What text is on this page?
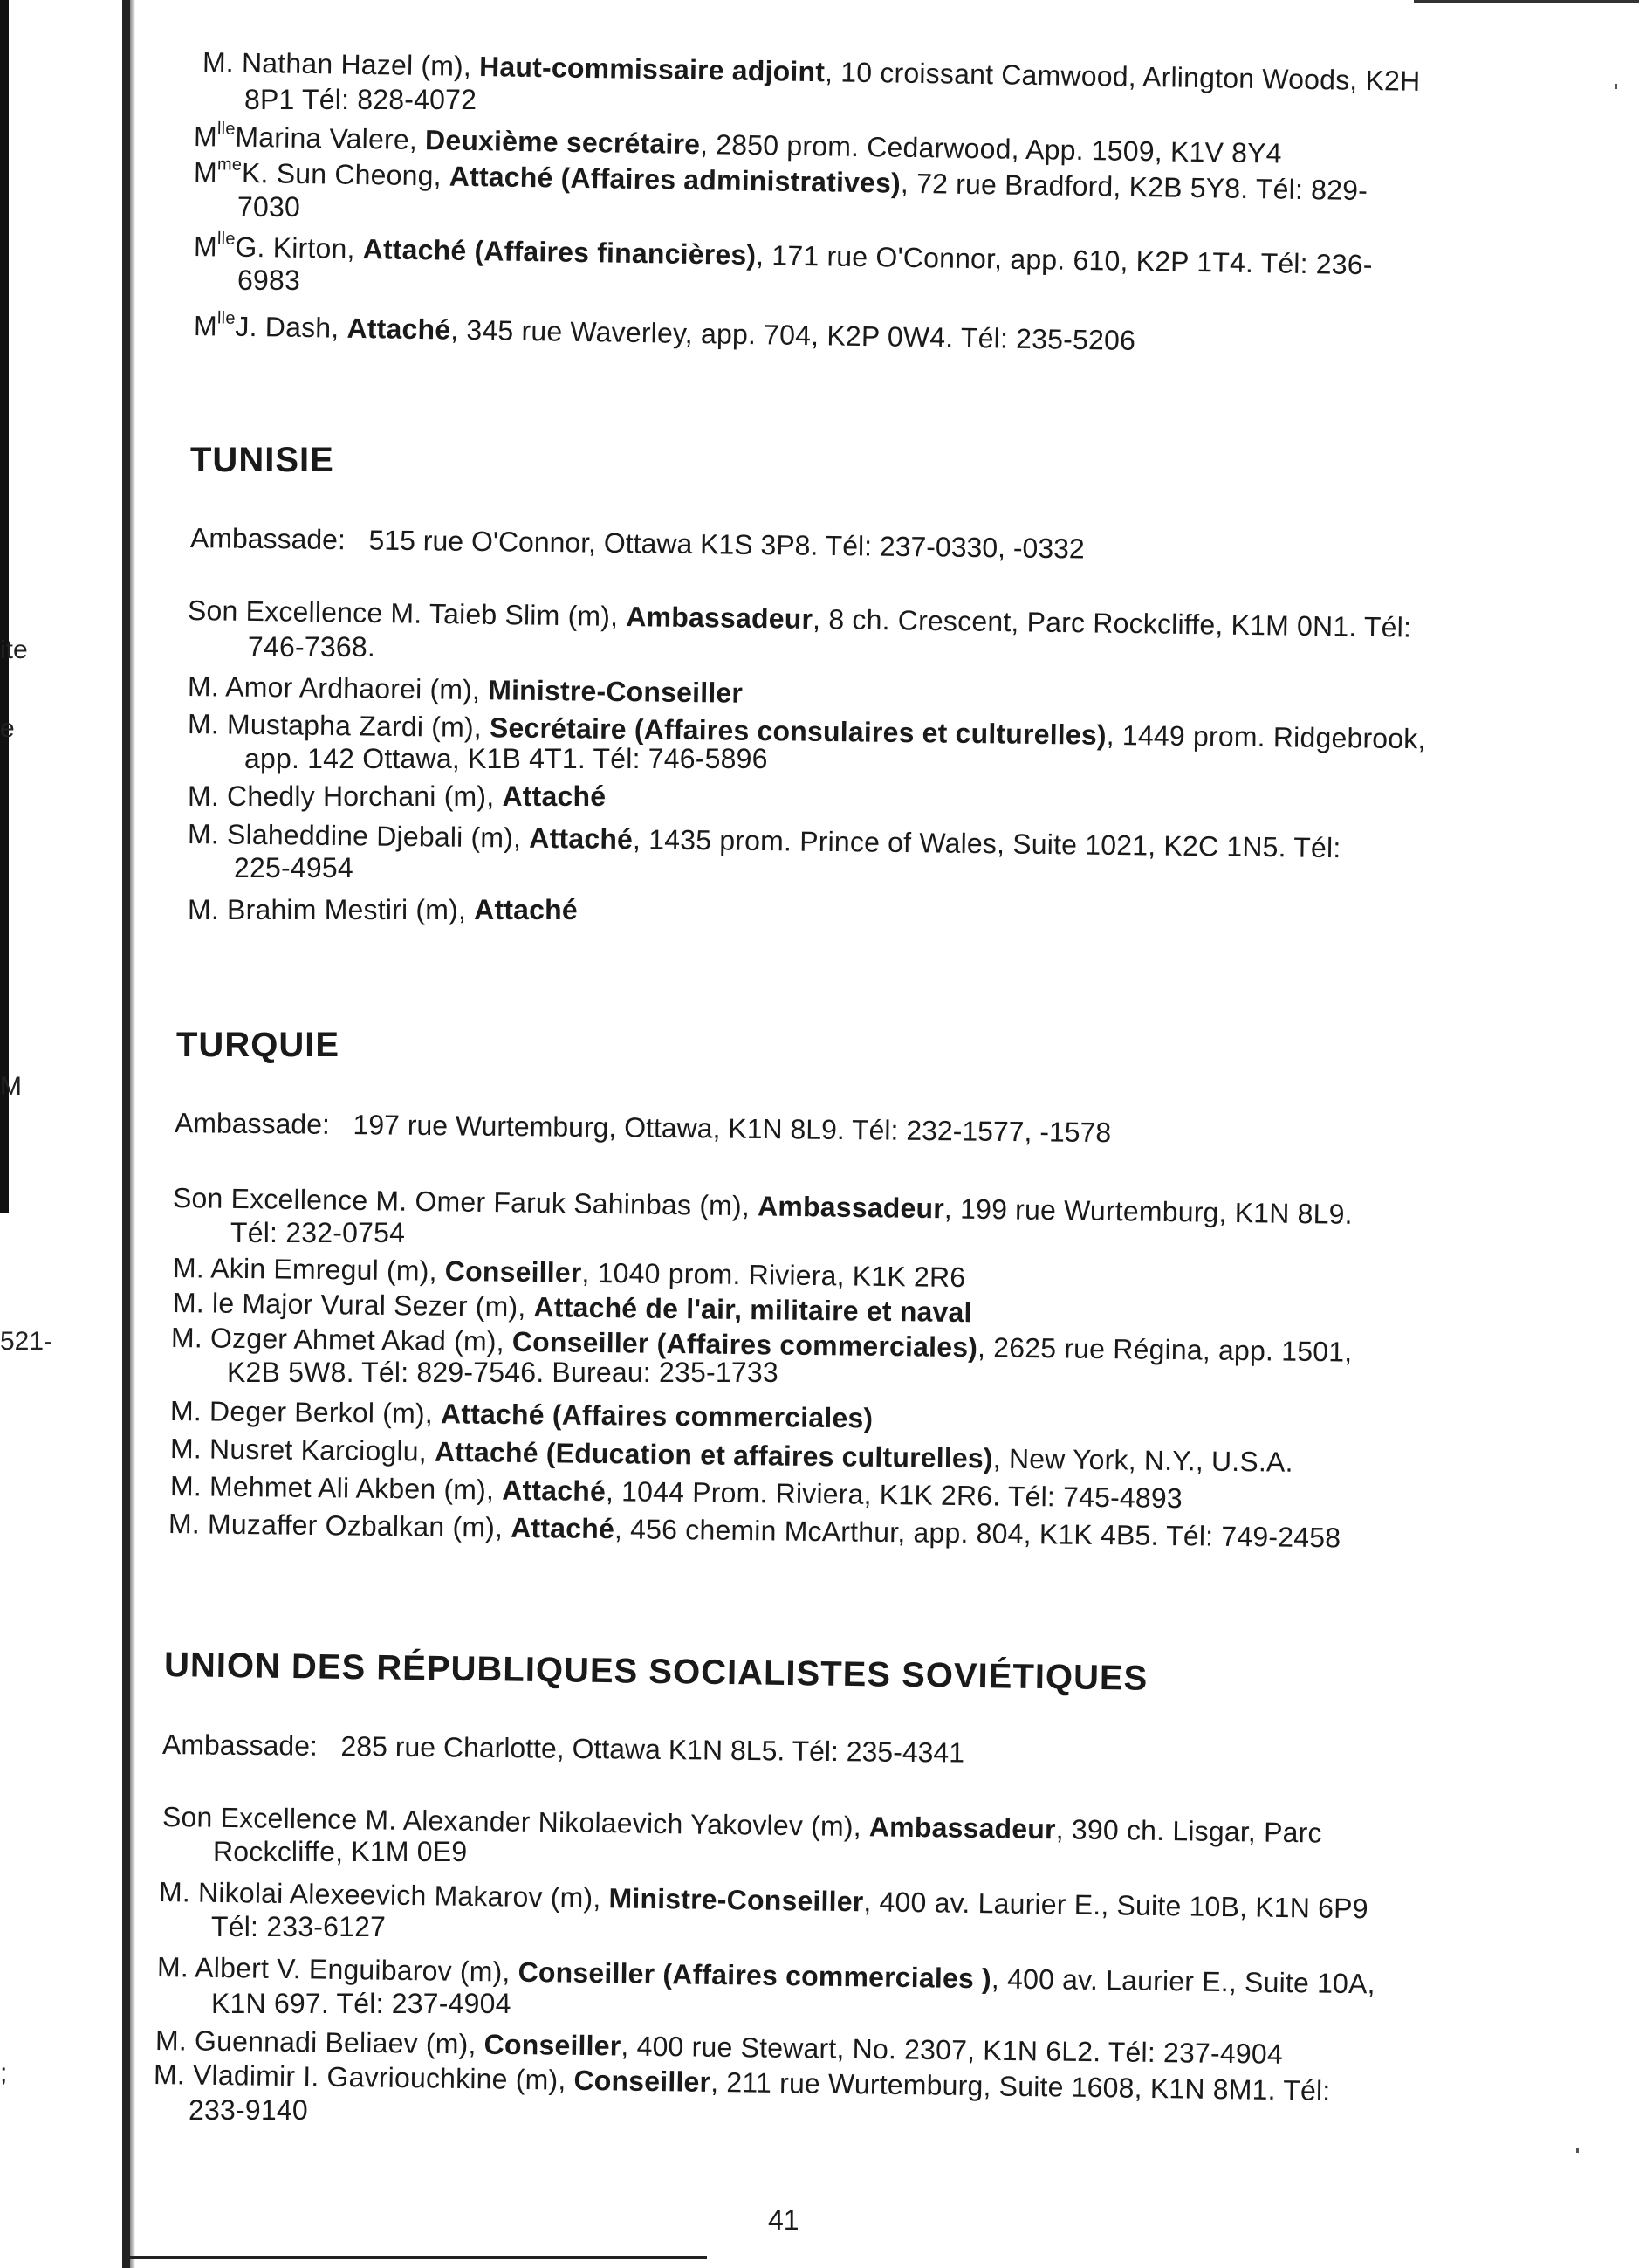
ite
e
M
521-
;
M. Nathan Hazel (m), Haut-commissaire adjoint, 10 croissant Camwood, Arlington Woods, K2H
8P1 Tél: 828-4072
$M^{lle}Marina$ Valere, Deuxième secrétaire, 2850 prom. Cedarwood, App. 1509, K1V 8Y4
$M^{me}K$. Sun Cheong, Attaché (Affaires administratives), 72 rue Bradford, K2B 5Y8. Tél: 829-
7030
$M^{lle}G$. Kirton, Attaché (Affaires financières), 171 rue O'Connor, app. 610, K2P 1T4. Tél: 236-
6983
$M^{lle}J$. Dash, Attaché, 345 rue Waverley, app. 704, K2P 0W4. Tél: 235-5206
TUNISIE
Ambassade: 515 rue O'Connor, Ottawa K1S 3P8. Tél: 237-0330, -0332
Son Excellence M. Taieb Slim (m), Ambassadeur, 8 ch. Crescent, Parc Rockcliffe, K1M 0N1. Tél:
746-7368.
M. Amor Ardhaorei (m), Ministre-Conseiller
M. Mustapha Zardi (m), Secrétaire (Affaires consulaires et culturelles), 1449 prom. Ridgebrook,
app. 142 Ottawa, K1B 4T1. Tél: 746-5896
M. Chedly Horchani (m), Attaché
M. Slaheddine Djebali (m), Attaché, 1435 prom. Prince of Wales, Suite 1021, K2C 1N5. Tél:
225-4954
M. Brahim Mestiri (m), Attaché
TURQUIE
Ambassade: 197 rue Wurtemburg, Ottawa, K1N 8L9. Tél: 232-1577, -1578
Son Excellence M. Omer Faruk Sahinbas (m), Ambassadeur, 199 rue Wurtemburg, K1N 8L9.
Tél: 232-0754
M. Akin Emregul (m), Conseiller, 1040 prom. Riviera, K1K 2R6
M. le Major Vural Sezer (m), Attaché de l'air, militaire et naval
M. Ozger Ahmet Akad (m), Conseiller (Affaires commerciales), 2625 rue Régina, app. 1501,
K2B 5W8. Tél: 829-7546. Bureau: 235-1733
M. Deger Berkol (m), Attaché (Affaires commerciales)
M. Nusret Karcioglu, Attaché (Education et affaires culturelles), New York, N.Y., U.S.A.
M. Mehmet Ali Akben (m), Attaché, 1044 Prom. Riviera, K1K 2R6. Tél: 745-4893
M. Muzaffer Ozbalkan (m), Attaché, 456 chemin McArthur, app. 804, K1K 4B5. Tél: 749-2458
UNION DES RÉPUBLIQUES SOCIALISTES SOVIÉTIQUES
Ambassade: 285 rue Charlotte, Ottawa K1N 8L5. Tél: 235-4341
Son Excellence M. Alexander Nikolaevich Yakovlev (m), Ambassadeur, 390 ch. Lisgar, Parc
Rockcliffe, K1M 0E9
M. Nikolai Alexeevich Makarov (m), Ministre-Conseiller, 400 av. Laurier E., Suite 10B, K1N 6P9
Tél: 233-6127
M. Albert V. Enguibarov (m), Conseiller (Affaires commerciales ), 400 av. Laurier E., Suite 10A,
K1N 697. Tél: 237-4904
M. Guennadi Beliaev (m), Conseiller, 400 rue Stewart, No. 2307, K1N 6L2. Tél: 237-4904
M. Vladimir I. Gavriouchkine (m), Conseiller, 211 rue Wurtemburg, Suite 1608, K1N 8M1. Tél:
233-9140
41
